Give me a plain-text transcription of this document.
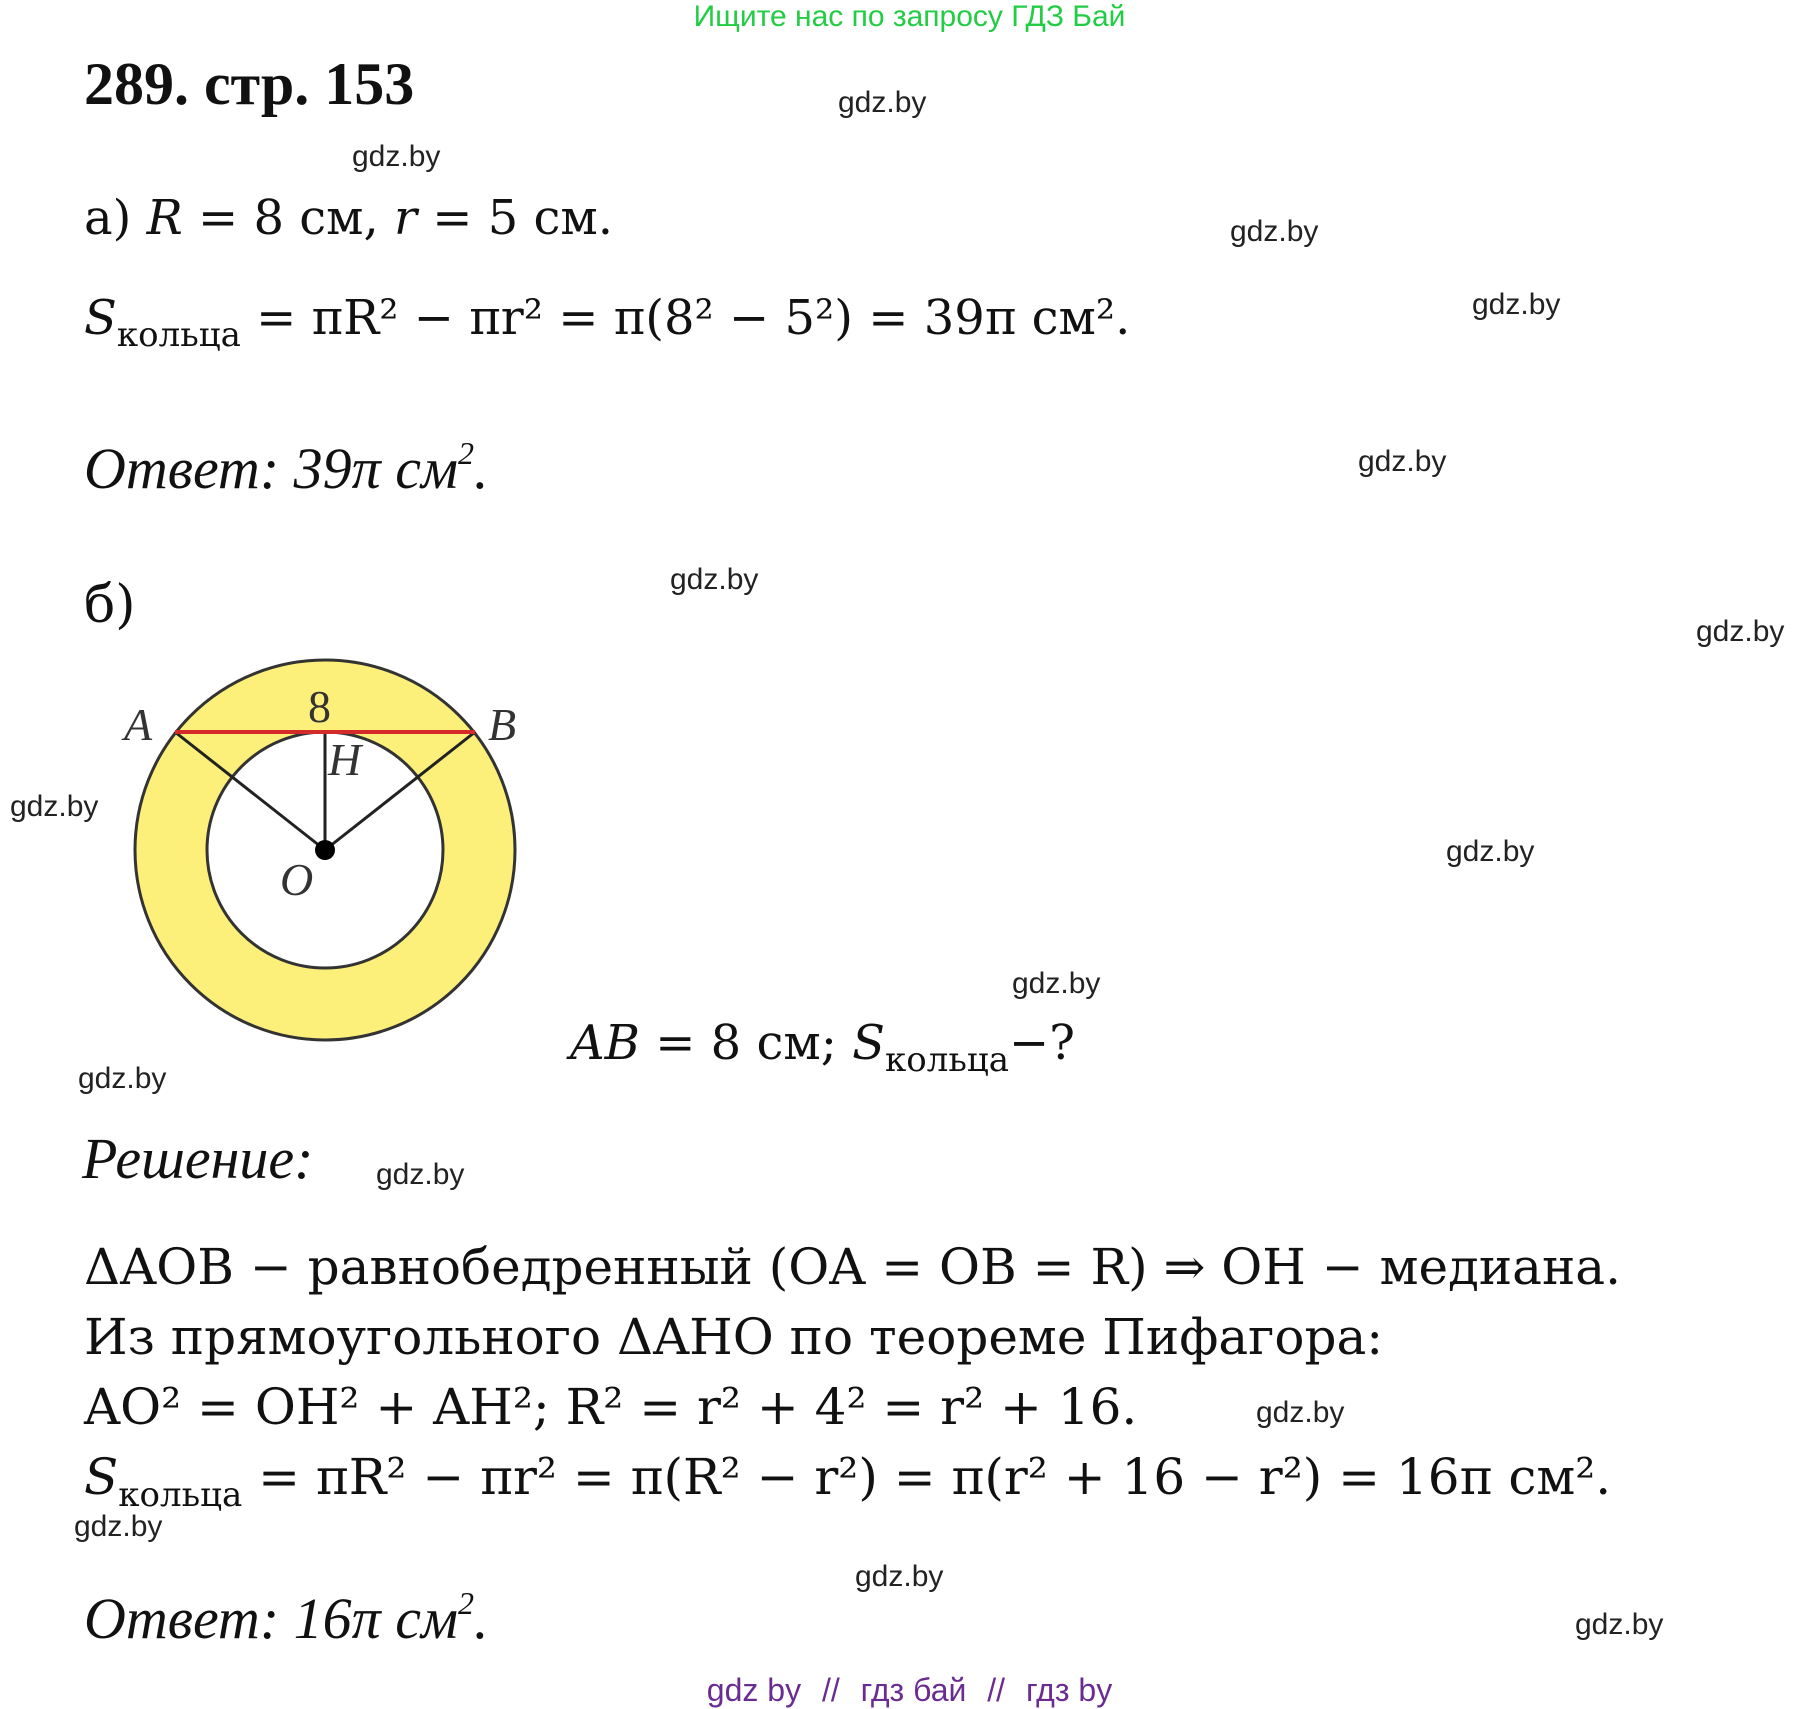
Ищите нас по запросу ГДЗ Бай
289. стр. 153
а) R = 8 см, r = 5 см.
$S_{кольца} = \pi R^2 - \pi r^2 = \pi(8^2 - 5^2) = 39\pi$ см².
Ответ: 39π $см^2$.
б)
A	B
H
O
8
AB = 8 см; $S_{кольца}-$?
Решение:
ΔAOB − равнобедренный (OA = OB = R) ⇒ OH − медиана.
Из прямоугольного ΔAHO по теореме Пифагора:
AO² = OH² + AH²; R² = r² + 4² = r² + 16.
$S_{кольца} = \pi R^2 - \pi r^2 = \pi(R^2 - r^2) = \pi(r^2 + 16 - r^2) = 16\pi$ см².
Ответ: 16π $см^2$.
gdz.by
gdz.by
gdz.by
gdz.by
gdz.by
gdz.by
gdz.by
gdz.by
gdz.by
gdz.by
gdz.by
gdz.by
gdz.by
gdz.by
gdz.by
gdz.by
gdz by // гдз бай // гдз by
